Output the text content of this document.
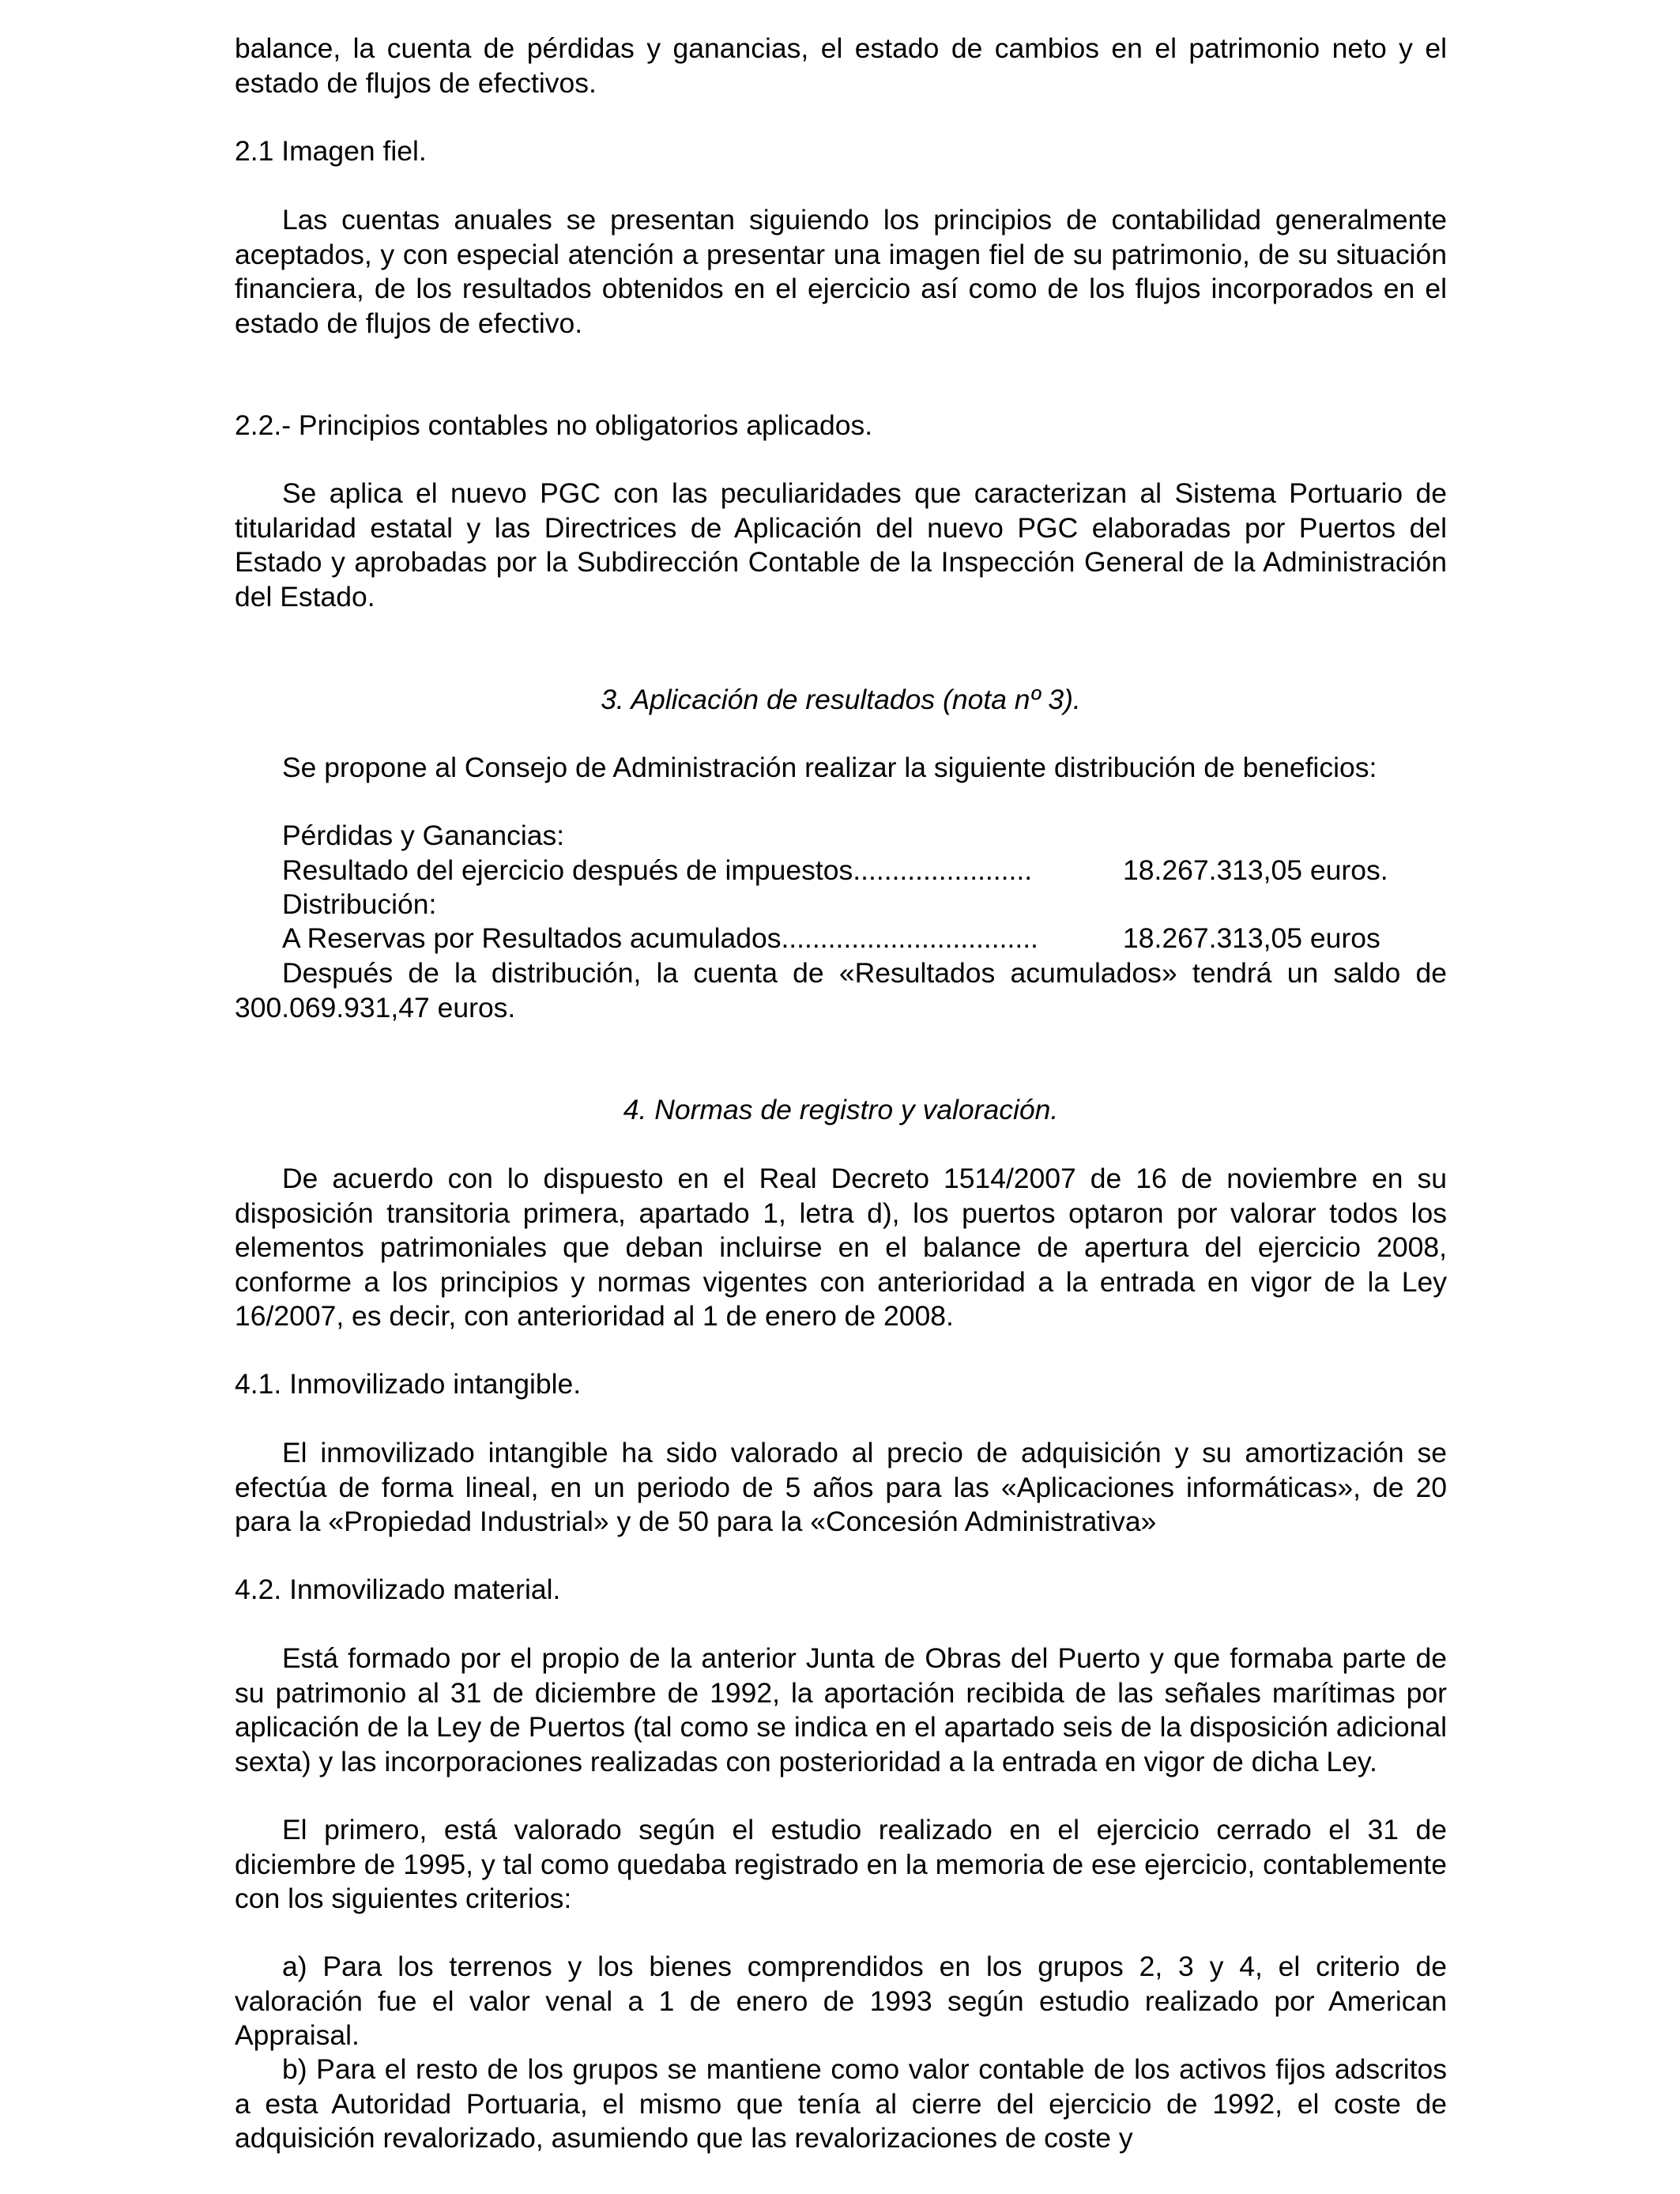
balance, la cuenta de pérdidas y ganancias, el estado de cambios en el patrimonio neto y el estado de flujos de efectivos.

2.1 Imagen fiel.

Las cuentas anuales se presentan siguiendo los principios de contabilidad generalmente aceptados, y con especial atención a presentar una imagen fiel de su patrimonio, de su situación financiera, de los resultados obtenidos en el ejercicio así como de los flujos incorporados en el estado de flujos de efectivo.

2.2.- Principios contables no obligatorios aplicados.

Se aplica el nuevo PGC con las peculiaridades que caracterizan al Sistema Portuario de titularidad estatal y las Directrices de Aplicación del nuevo PGC elaboradas por Puertos del Estado y aprobadas por la Subdirección Contable de la Inspección General de la Administración del Estado.

3. Aplicación de resultados (nota nº 3).

Se propone al Consejo de Administración realizar la siguiente distribución de beneficios:

Pérdidas y Ganancias:

Resultado del ejercicio después de impuestos.......................	18.267.313,05 euros.

Distribución:

A Reservas por Resultados acumulados.................................	18.267.313,05 euros

Después de la distribución, la cuenta de «Resultados acumulados» tendrá un saldo de 300.069.931,47 euros.

4. Normas de registro y valoración.

De acuerdo con lo dispuesto en el Real Decreto 1514/2007 de 16 de noviembre en su disposición transitoria primera, apartado 1, letra d), los puertos optaron por valorar todos los elementos patrimoniales que deban incluirse en el balance de apertura del ejercicio 2008, conforme a los principios y normas vigentes con anterioridad a la entrada en vigor de la Ley 16/2007, es decir, con anterioridad al 1 de enero de 2008.

4.1. Inmovilizado intangible.

El inmovilizado intangible ha sido valorado al precio de adquisición y su amortización se efectúa de forma lineal, en un periodo de 5 años para las «Aplicaciones informáticas», de 20 para la «Propiedad Industrial» y de 50 para la «Concesión Administrativa»

4.2. Inmovilizado material.

Está formado por el propio de la anterior Junta de Obras del Puerto y que formaba parte de su patrimonio al 31 de diciembre de 1992, la aportación recibida de las señales marítimas por aplicación de la Ley de Puertos (tal como se indica en el apartado seis de la disposición adicional sexta) y las incorporaciones realizadas con posterioridad a la entrada en vigor de dicha Ley.

El primero, está valorado según el estudio realizado en el ejercicio cerrado el 31 de diciembre de 1995, y tal como quedaba registrado en la memoria de ese ejercicio, contablemente con los siguientes criterios:

a) Para los terrenos y los bienes comprendidos en los grupos 2, 3 y 4, el criterio de valoración fue el valor venal a 1 de enero de 1993 según estudio realizado por American Appraisal.

b) Para el resto de los grupos se mantiene como valor contable de los activos fijos adscritos a esta Autoridad Portuaria, el mismo que tenía al cierre del ejercicio de 1992, el coste de adquisición revalorizado, asumiendo que las revalorizaciones de coste y
